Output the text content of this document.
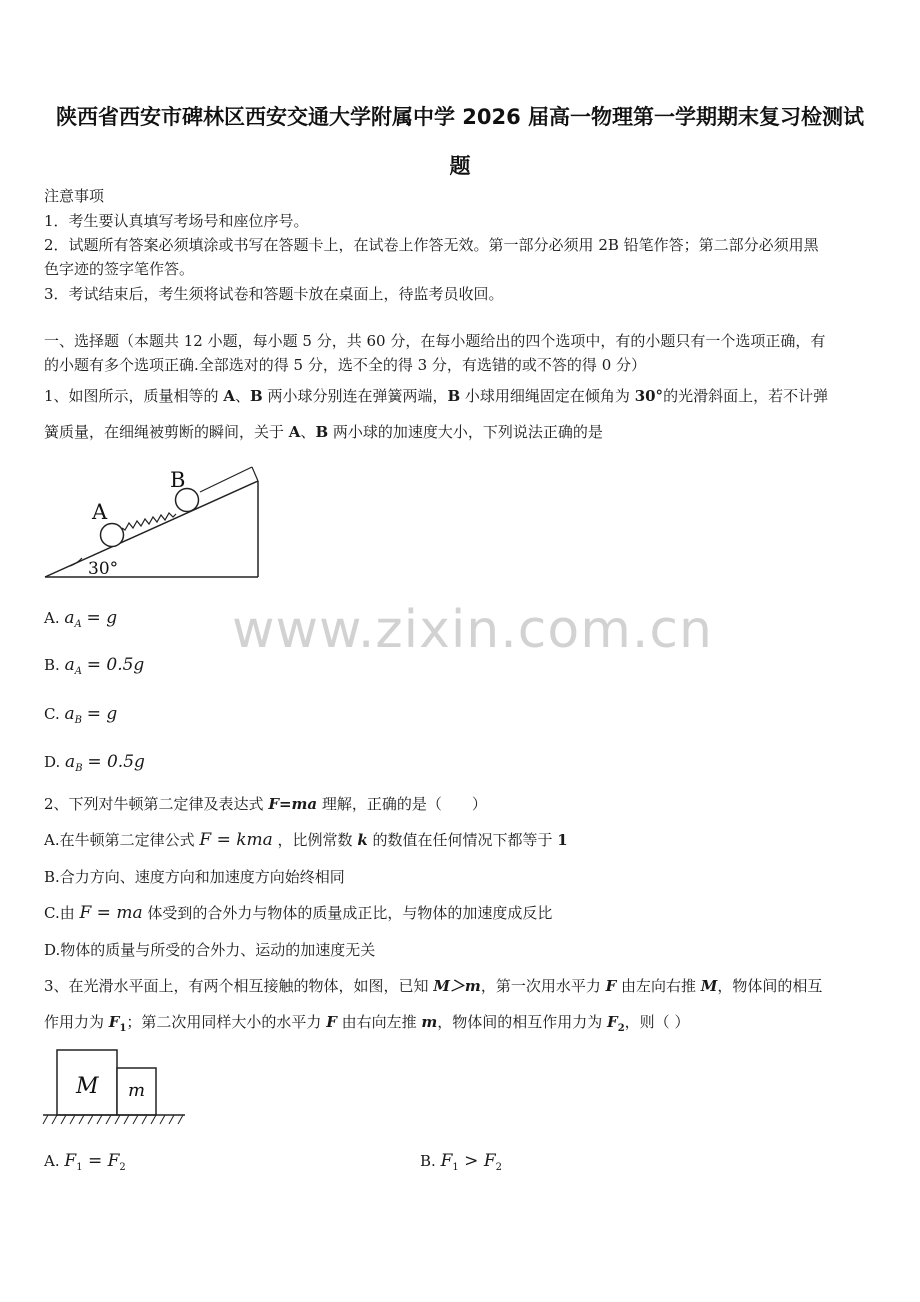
陕西省西安市碑林区西安交通大学附属中学 2026 届高一物理第一学期期末复习检测试
题
注意事项
1．考生要认真填写考场号和座位序号。
2．试题所有答案必须填涂或书写在答题卡上，在试卷上作答无效。第一部分必须用 2B 铅笔作答；第二部分必须用黑
色字迹的签字笔作答。
3．考试结束后，考生须将试卷和答题卡放在桌面上，待监考员收回。
一、选择题（本题共 12 小题，每小题 5 分，共 60 分，在每小题给出的四个选项中，有的小题只有一个选项正确，有
的小题有多个选项正确.全部选对的得 5 分，选不全的得 3 分，有选错的或不答的得 0 分）
1、如图所示，质量相等的 A、B 两小球分别连在弹簧两端，B 小球用细绳固定在倾角为 30°的光滑斜面上，若不计弹
簧质量，在细绳被剪断的瞬间，关于 A、B 两小球的加速度大小，下列说法正确的是
A
B
30°
A. $a_A = g$
B. $a_A = 0.5g$
C. $a_B = g$
D. $a_B = 0.5g$
www.zixin.com.cn
2、下列对牛顿第二定律及表达式 F=ma 理解，正确的是（　　）
A.在牛顿第二定律公式 F = kma ，比例常数 k 的数值在任何情况下都等于 1
B.合力方向、速度方向和加速度方向始终相同
C.由 F = ma 体受到的合外力与物体的质量成正比，与物体的加速度成反比
D.物体的质量与所受的合外力、运动的加速度无关
3、在光滑水平面上，有两个相互接触的物体，如图，已知 M＞m，第一次用水平力 F 由左向右推 M，物体间的相互
作用力为 $F_1$；第二次用同样大小的水平力 F 由右向左推 m，物体间的相互作用力为 $F_2$，则（ ）
M m
A. $F_1 = F_2$	B. $F_1 > F_2$
